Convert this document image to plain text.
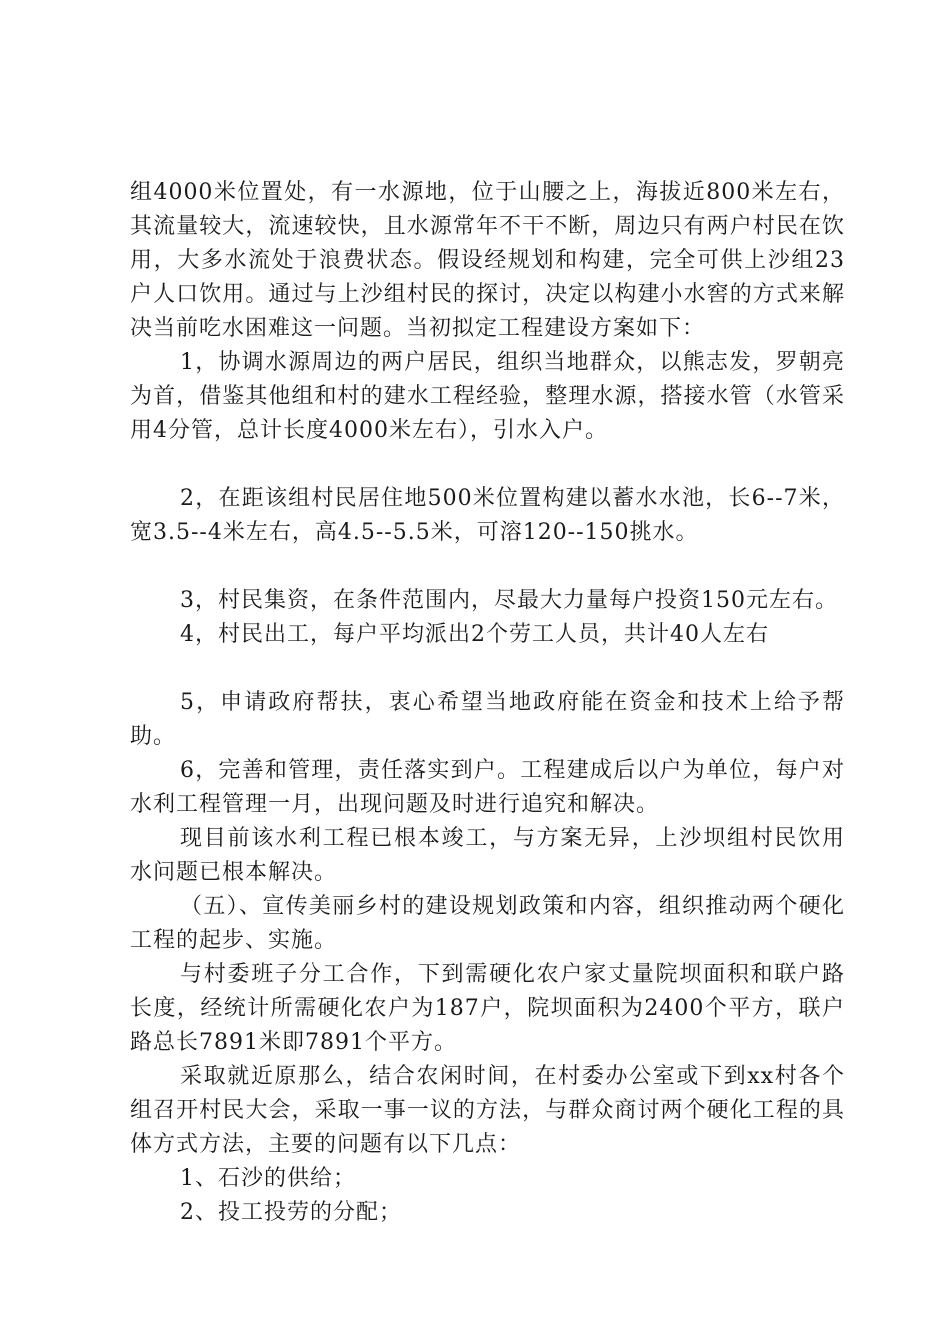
组4000米位置处，有一水源地，位于山腰之上，海拔近800米左右，其流量较大，流速较快，且水源常年不干不断，周边只有两户村民在饮用，大多水流处于浪费状态。假设经规划和构建，完全可供上沙组23户人口饮用。通过与上沙组村民的探讨，决定以构建小水窖的方式来解决当前吃水困难这一问题。当初拟定工程建设方案如下：

1，协调水源周边的两户居民，组织当地群众，以熊志发，罗朝亮为首，借鉴其他组和村的建水工程经验，整理水源，搭接水管（水管采用4分管，总计长度4000米左右），引水入户。

2，在距该组村民居住地500米位置构建以蓄水水池，长6--7米，宽3.5--4米左右，高4.5--5.5米，可溶120--150挑水。

3，村民集资，在条件范围内，尽最大力量每户投资150元左右。

4，村民出工，每户平均派出2个劳工人员，共计40人左右

5，申请政府帮扶，衷心希望当地政府能在资金和技术上给予帮助。

6，完善和管理，责任落实到户。工程建成后以户为单位，每户对水利工程管理一月，出现问题及时进行追究和解决。

现目前该水利工程已根本竣工，与方案无异，上沙坝组村民饮用水问题已根本解决。

（五）、宣传美丽乡村的建设规划政策和内容，组织推动两个硬化工程的起步、实施。

与村委班子分工合作，下到需硬化农户家丈量院坝面积和联户路长度，经统计所需硬化农户为187户，院坝面积为2400个平方，联户路总长7891米即7891个平方。

采取就近原那么，结合农闲时间，在村委办公室或下到xx村各个组召开村民大会，采取一事一议的方法，与群众商讨两个硬化工程的具体方式方法，主要的问题有以下几点：

1、石沙的供给；

2、投工投劳的分配；
